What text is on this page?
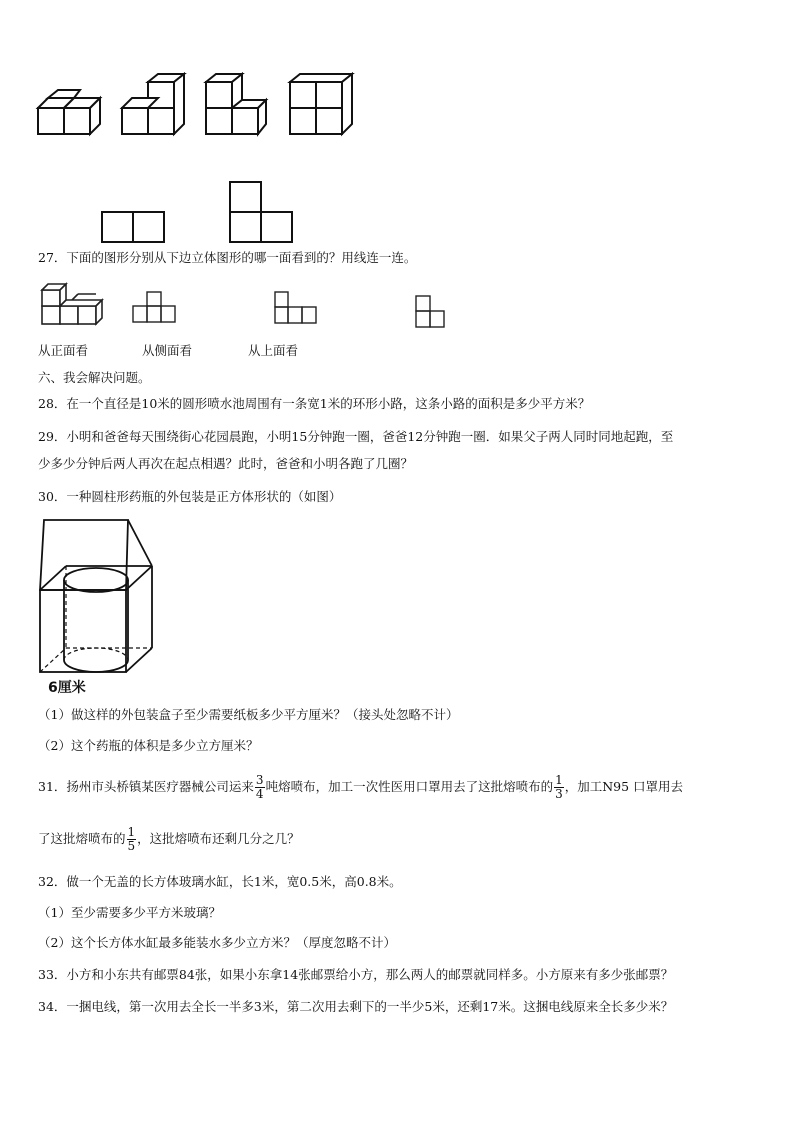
27．下面的图形分别从下边立体图形的哪一面看到的？用线连一连。
从正面看	从侧面看	从上面看
六、我会解决问题。
28．在一个直径是10米的圆形喷水池周围有一条宽1米的环形小路，这条小路的面积是多少平方米？
29．小明和爸爸每天围绕街心花园晨跑，小明15分钟跑一圈，爸爸12分钟跑一圈．如果父子两人同时同地起跑，至
少多少分钟后两人再次在起点相遇？此时，爸爸和小明各跑了几圈？
30．一种圆柱形药瓶的外包装是正方体形状的（如图）
6厘米
（1）做这样的外包装盒子至少需要纸板多少平方厘米？（接头处忽略不计）
（2）这个药瓶的体积是多少立方厘米？
31．扬州市头桥镇某医疗器械公司运来 $\frac{3}{4}$ 吨熔喷布，加工一次性医用口罩用去了这批熔喷布的 $\frac{1}{3}$ ，加工N95 口罩用去
了这批熔喷布的 $\frac{1}{5}$ ，这批熔喷布还剩几分之几？
32．做一个无盖的长方体玻璃水缸，长1米，宽0.5米，高0.8米。
（1）至少需要多少平方米玻璃？
（2）这个长方体水缸最多能装水多少立方米？（厚度忽略不计）
33．小方和小东共有邮票84张，如果小东拿14张邮票给小方，那么两人的邮票就同样多。小方原来有多少张邮票？
34．一捆电线，第一次用去全长一半多3米，第二次用去剩下的一半少5米，还剩17米。这捆电线原来全长多少米？
